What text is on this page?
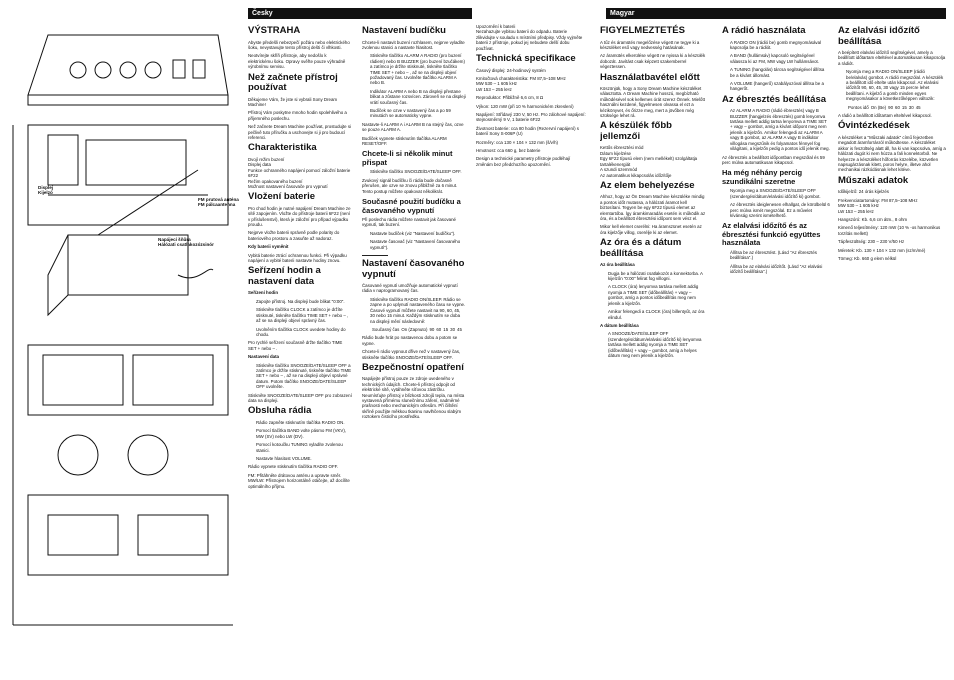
Česky	Magyar
Displej
Kijelző
FM prutová anténa
FM pálcaantenna
Napájecí šňůra
Hálózati csatlakozózsinór
VÝSTRAHA

Abyste předešli nebezpečí požáru nebo elektrického šoku, nevystavujte tento přístroj dešti či vlhkosti.

Neotvírejte skříň přístroje, aby nedošlo k elektrickému šoku. Opravy svěřte pouze výhradně výrobnímu servisu.

Než začnete přístroj používat

Děkujeme Vám, že jste si vybrali Sony Dream Machine!

Přístroj Vám poskytne mnoho hodin spolehlivého a příjemného poslechu.

Než začnete Dream Machine používat, prostudujte si pečlivě tuto příručku a uschovejte si ji pro budoucí referenci.

Charakteristika

Dvojí režim buzení
Displej data
Funkce ochranného napájení pomocí záložní baterie 6F22
Režim opakovaného buzení
Možnost nastavení časovače pro vypnutí

Vložení baterie

Pro chod hodin je nutné napájení Dream Machine ze sítě zapojením. Vložte do přístroje baterii 6F22 (není v příslušenství), která je záložní pro případ výpadku proudu.

Nejprve vložte baterii správně podle polarity do bateriového prostoru a zasuňte až nadoraz.

Kdy baterii vyměnit

Vybitá baterie ztrácí ochrannou funkci. Při výpadku napájení a vybité baterii nastavte hodiny znovu.

Seřízení hodin a nastavení data

Seřízení hodin

Zapojte přístroj. Na displeji bude blikat "0:00".

Stiskněte tlačítko CLOCK a zatímco je držíte stisknuté, tiskněte tlačítko TIME SET + nebo – , až se na displeji objeví správný čas.

Uvolněním tlačítka CLOCK uvedete hodiny do chodu.

Pro rychlé seřízení současně držte tlačítko TIME SET + nebo – .

Nastavení data

Stiskněte tlačítko SNOOZE/DATE/SLEEP OFF a zatímco je držíte stisknuté, tiskněte tlačítko TIME SET + nebo – , až se na displeji objeví správné datum. Potom tlačítko SNOOZE/DATE/SLEEP OFF uvolněte.

Stiskněte SNOOZE/DATE/SLEEP OFF pro zobrazení data na displeji.

Obsluha rádia

Rádio zapněte stisknutím tlačítka RADIO ON.

Pomocí tlačítka BAND volte pásmo FM (VKV), MW (SV) nebo LW (DV).

Pomocí kotoučku TUNING vyladíte zvolenou stanici.

Nastavte hlasitost VOLUME.

Rádio vypnete stisknutím tlačítka RADIO OFF.

FM: Přitáhněte drátovou anténu a upravte směr. MW/LW: Přístrojem horizontálně otáčejte, až docílíte optimálního příjmu.

Nastavení budíčku

Chcete-li nastavit buzení rozhlasem, nejprve vyladíte zvolenou stanici a nastavte hlasitost.

Stiskněte tlačítko ALARM A RADIO (pro buzení rádiem) nebo B BUZZER (pro buzení bzučákem) a zatímco je držíte stisknuté, tiskněte tlačítko TIME SET + nebo – , až se na displeji objeví požadovaný čas. Uvolněte tlačítko ALARM A nebo B.

Indikátor ALARM A nebo B na displeji přestane blikat a zůstane rozsvícen. Zároveň se na displeji vrátí současný čas.

Budíček se ozve v nastavený čas a po 59 minutách se automaticky vypne.

Nastavte-li ALARM A i ALARM B na stejný čas, ozve se pouze ALARM A.

Budíček vypnete stisknutím tlačítka ALARM RESET/OFF.

Chcete-li si několik minut přispat

Stiskněte tlačítko SNOOZE/DATE/SLEEP OFF.

Zvukový signál budíčku či rádia bude dočasně přerušen, ale ozve se znovu přibližně za 6 minut. Tento postup můžete opakovat několikrát.

Současné použití budíčku a časovaného vypnutí

Při poslechu rádia můžete nastavit jak časované vypnutí, tak buzení.

Nastavte budíček (viz "Nastavení budíčku").

Nastavte časovač (viz "Nastavení časovaného vypnutí").

Nastavení časovaného vypnutí

Časované vypnutí umožňuje automatické vypnutí rádia v naprogramovaný čas.

Stiskněte tlačítko RADIO ON/SLEEP. Rádio se zapne a po uplynutí nastaveného času se vypne. Časové vypnutí můžete nastavit na 90, 60, 45, 30 nebo 15 minut. Každým stisknutím se doba na displeji mění následovně:

Současný čas On (Zapnuto) 90 60 15 30 45

Rádio bude hrát po nastavenou dobu a potom se vypne.

Chcete-li rádio vypnout dříve než v nastavený čas, stiskněte tlačítko SNOOZE/DATE/SLEEP OFF.

Bezpečnostní opatření

Napájejte přístroj pouze ze zdroje uvedeného v technických údajích. Chcete-li přístroj odpojit od elektrické sítě, vytáhněte síťovou zástrčku. Neumísťujte přístroj v blízkosti zdrojů tepla, na místa vystavená přímému slunečnímu záření, nadměrné prašnosti nebo mechanickým otřesům. Při čištění skříně použijte měkkou tkaninu navlhčenou slabým roztokem čisticího prostředku.

Upozornění k baterii
Nezahazujte vybitou baterii do odpadu. Baterie zlikvidujte v souladu s místními předpisy. Vždy vyjměte baterii z přístroje, pokud jej nebudete delší dobu používat.

Technická specifikace

Časový displej: 24-hodinový systém

Kmitočtová charakteristika: FM 87,5–108 MHz
MW 530 – 1 605 kHz
LW 153 – 255 kHz

Reproduktor: Přibližně 6,6 cm, 8 Ω

Výkon: 120 mW (při 10 % harmonickém zkreslení)

Napájení: Střídavý 230 V, 50 Hz. Pro zálohové napájení: stejnosměrný 9 V, 1 baterie 6F22

Životnost baterie: cca 80 hodin (Rezervní napájení) s baterií Sony S-006P (U)

Rozměry: cca 130 × 104 × 132 mm (š/v/h)

Hmotnost: cca 660 g, bez baterie

Design a technické parametry přístroje podléhají změnám bez předchozího upozornění.

FIGYELMEZTETÉS

A tűz és áramütés megelőzése végett ne tegye ki a készüléket eső vagy nedvesség hatásának.

Az áramütés elkerülése végett ne nyissa ki a készülék dobozát. Javítást csak képzett szakemberrel végeztessen.

Használatbavétel előtt

Köszönjük, hogy a Sony Dream Machine készüléket választotta. A Dream Machine hosszú, megbízható működésével sok kellemes órát szerez Önnek. Mielőtt használni kezdené, figyelmesen olvassa el ezt a kézikönyvet, és őrizze meg, mert a jövőben még szüksége lehet rá.

A készülék főbb jellemzői

Kettős ébresztési mód
Dátum kijelzése
Egy 6F22 típusú elem (nem mellékelt) szolgáltatja tartalékenergiát
A szundi üzemmód
Az automatikus kikapcsolás időzítője

Az elem behelyezése

Ahhoz, hogy az Ön Dream Machine készüléke mindig a pontos időt mutassa, a hálózati áramot kell biztosítani. Tegyen be egy 6F22 típusú elemet az elemtartóba. Így áramkimaradás esetén is működik az óra, és a beállított ébresztési időpont sem vész el.

Mikor kell elemet cserélni: Ha áramszünet esetén az óra kijelzője villog, cserélje ki az elemet.

Az óra és a dátum beállítása

Az óra beállítása

Dugja be a hálózati csatlakozót a konnektorba. A kijelzőn "0:00" felirat fog villogni.

A CLOCK (óra) lenyomva tartása mellett addig nyomja a TIME SET (időbeállítás) + vagy – gombot, amíg a pontos időbeállítás meg nem jelenik a kijelzőn.

Amikor felengedi a CLOCK (óra) billentyűt, az óra elindul.

A dátum beállítása

A SNOOZE/DATE/SLEEP OFF (szendergés/dátum/elalvási időzítő ki) lenyomva tartása mellett addig nyomja a TIME SET (időbeállítás) + vagy – gombot, amíg a helyes dátum meg nem jelenik a kijelzőn.

A rádió használata

A RADIO ON (rádió be) gomb megnyomásával kapcsolja be a rádiót.

A BAND (hullámsáv) kapcsoló segítségével válassza ki az FM, MW vagy LW hullámsávot.

A TUNING (hangolás) tárcsa segítségével állítsa be a kívánt állomást.

A VOLUME (hangerő) szabályozóval állítsa be a hangerőt.

Az ébresztés beállítása

Az ALARM A RADIO (rádió ébresztés) vagy B BUZZER (hangjelzés ébresztés) gomb lenyomva tartása mellett addig tartsa lenyomva a TIME SET + vagy – gombot, amíg a kívánt időpont meg nem jelenik a kijelzőn. Amikor felengedi az ALARM A vagy B gombot, az ALARM A vagy B indikátor villogása megszűnik és folyamatos fénnyel fog világítani, a kijelzőn pedig a pontos idő jelenik meg.

Az ébresztés a beállított időpontban megszólal és 59 perc múlva automatikusan kikapcsol.

Ha még néhány percig szundikálni szeretne

Nyomja meg a SNOOZE/DATE/SLEEP OFF (szendergés/dátum/elalvási időzítő ki) gombot.

Az ébresztés ideiglenesen elhallgat, de körülbelül 6 perc múlva ismét megszólal. Ez a művelet kívánság szerint ismételhető.

Az elalvási időzítő és az ébresztési funkció együttes használata

Állítsa be az ébresztést. (Lásd "Az ébresztés beállítása".)

Állítsa be az elalvási időzítőt. (Lásd "Az elalvási időzítő beállítása".)

Az elalvási időzítő beállítása

A beépített elalvási időzítő segítségével, amely a beállított időtartam elteltével automatikusan kikapcsolja a rádiót.

Nyomja meg a RADIO ON/SLEEP (rádió be/elalvás) gombot. A rádió megszólal. A készülék a beállított idő eltelte után kikapcsol. Az elalvási időzítőt 90, 60, 45, 30 vagy 15 percre lehet beállítani. A kijelző a gomb minden egyes megnyomásakor a következőképpen változik:

Pontos idő On (Be) 90 60 15 30 45

A rádió a beállított időtartam elteltével kikapcsol.

Óvintézkedések

A készüléket a "Műszaki adatok" című fejezetben megadott áramforrásról működtesse. A készüléket akkor is feszültség alatt áll, ha ki van kapcsolva, amíg a hálózati dugót ki nem húzza a fali konnektorból. Ne helyezze a készüléket hőforrás közelébe, közvetlen napsugárzásnak kitett, poros helyre, illetve ahol mechanikai rázkódásnak lehet kitéve.

Műszaki adatok

Időkijelző: 24 órás kijelzés

Frekvenciatartomány: FM 87,5–108 MHz
MW 530 – 1 605 kHz
LW 153 – 255 kHz

Hangszóró: Kb. 6,6 cm átm., 8 ohm

Kimenő teljesítmény: 120 mW (10 % -os harmonikus torzítás mellett)

Tápfeszültség: 230 – 230 V/50 Hz

Méretek: Kb. 130 × 104 × 132 mm (sz/m/mé)

Tömeg: Kb. 660 g elem nélkül
